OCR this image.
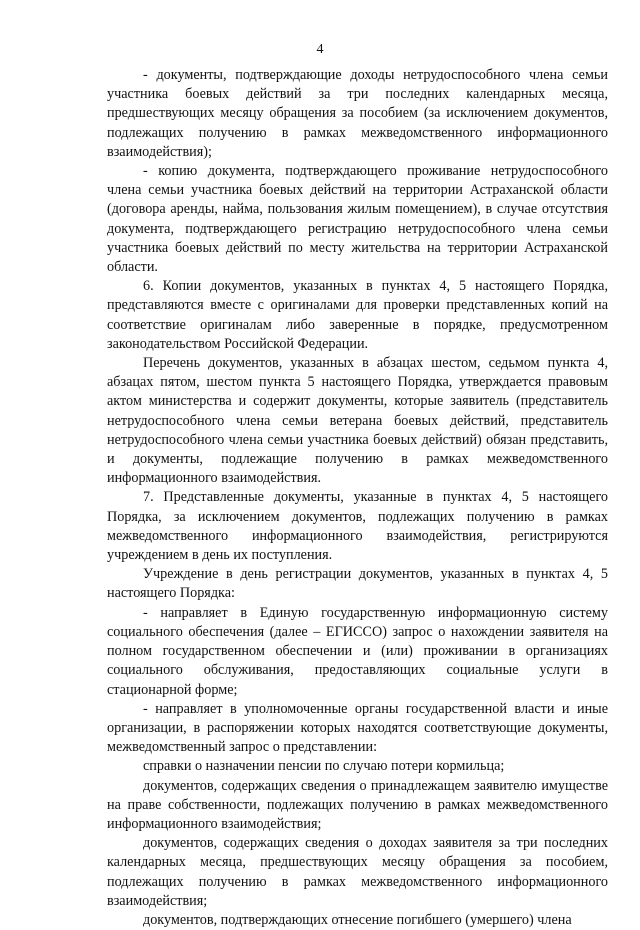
4

- документы, подтверждающие доходы нетрудоспособного члена семьи участника боевых действий за три последних календарных месяца, предшествующих месяцу обращения за пособием (за исключением документов, подлежащих получению в рамках межведомственного информационного взаимодействия);

- копию документа, подтверждающего проживание нетрудоспособного члена семьи участника боевых действий на территории Астраханской области (договора аренды, найма, пользования жилым помещением), в случае отсутствия документа, подтверждающего регистрацию нетрудоспособного члена семьи участника боевых действий по месту жительства на территории Астраханской области.

6. Копии документов, указанных в пунктах 4, 5 настоящего Порядка, представляются вместе с оригиналами для проверки представленных копий на соответствие оригиналам либо заверенные в порядке, предусмотренном законодательством Российской Федерации.

Перечень документов, указанных в абзацах шестом, седьмом пункта 4, абзацах пятом, шестом пункта 5 настоящего Порядка, утверждается правовым актом министерства и содержит документы, которые заявитель (представитель нетрудоспособного члена семьи ветерана боевых действий, представитель нетрудоспособного члена семьи участника боевых действий) обязан представить, и документы, подлежащие получению в рамках межведомственного информационного взаимодействия.

7. Представленные документы, указанные в пунктах 4, 5 настоящего Порядка, за исключением документов, подлежащих получению в рамках межведомственного информационного взаимодействия, регистрируются учреждением в день их поступления.

Учреждение в день регистрации документов, указанных в пунктах 4, 5 настоящего Порядка:

- направляет в Единую государственную информационную систему социального обеспечения (далее – ЕГИССО) запрос о нахождении заявителя на полном государственном обеспечении и (или) проживании в организациях социального обслуживания, предоставляющих социальные услуги в стационарной форме;

- направляет в уполномоченные органы государственной власти и иные организации, в распоряжении которых находятся соответствующие документы, межведомственный запрос о представлении:

справки о назначении пенсии по случаю потери кормильца;

документов, содержащих сведения о принадлежащем заявителю имуществе на праве собственности, подлежащих получению в рамках межведомственного информационного взаимодействия;

документов, содержащих сведения о доходах заявителя за три последних календарных месяца, предшествующих месяцу обращения за пособием, подлежащих получению в рамках межведомственного информационного взаимодействия;

документов, подтверждающих отнесение погибшего (умершего) члена
